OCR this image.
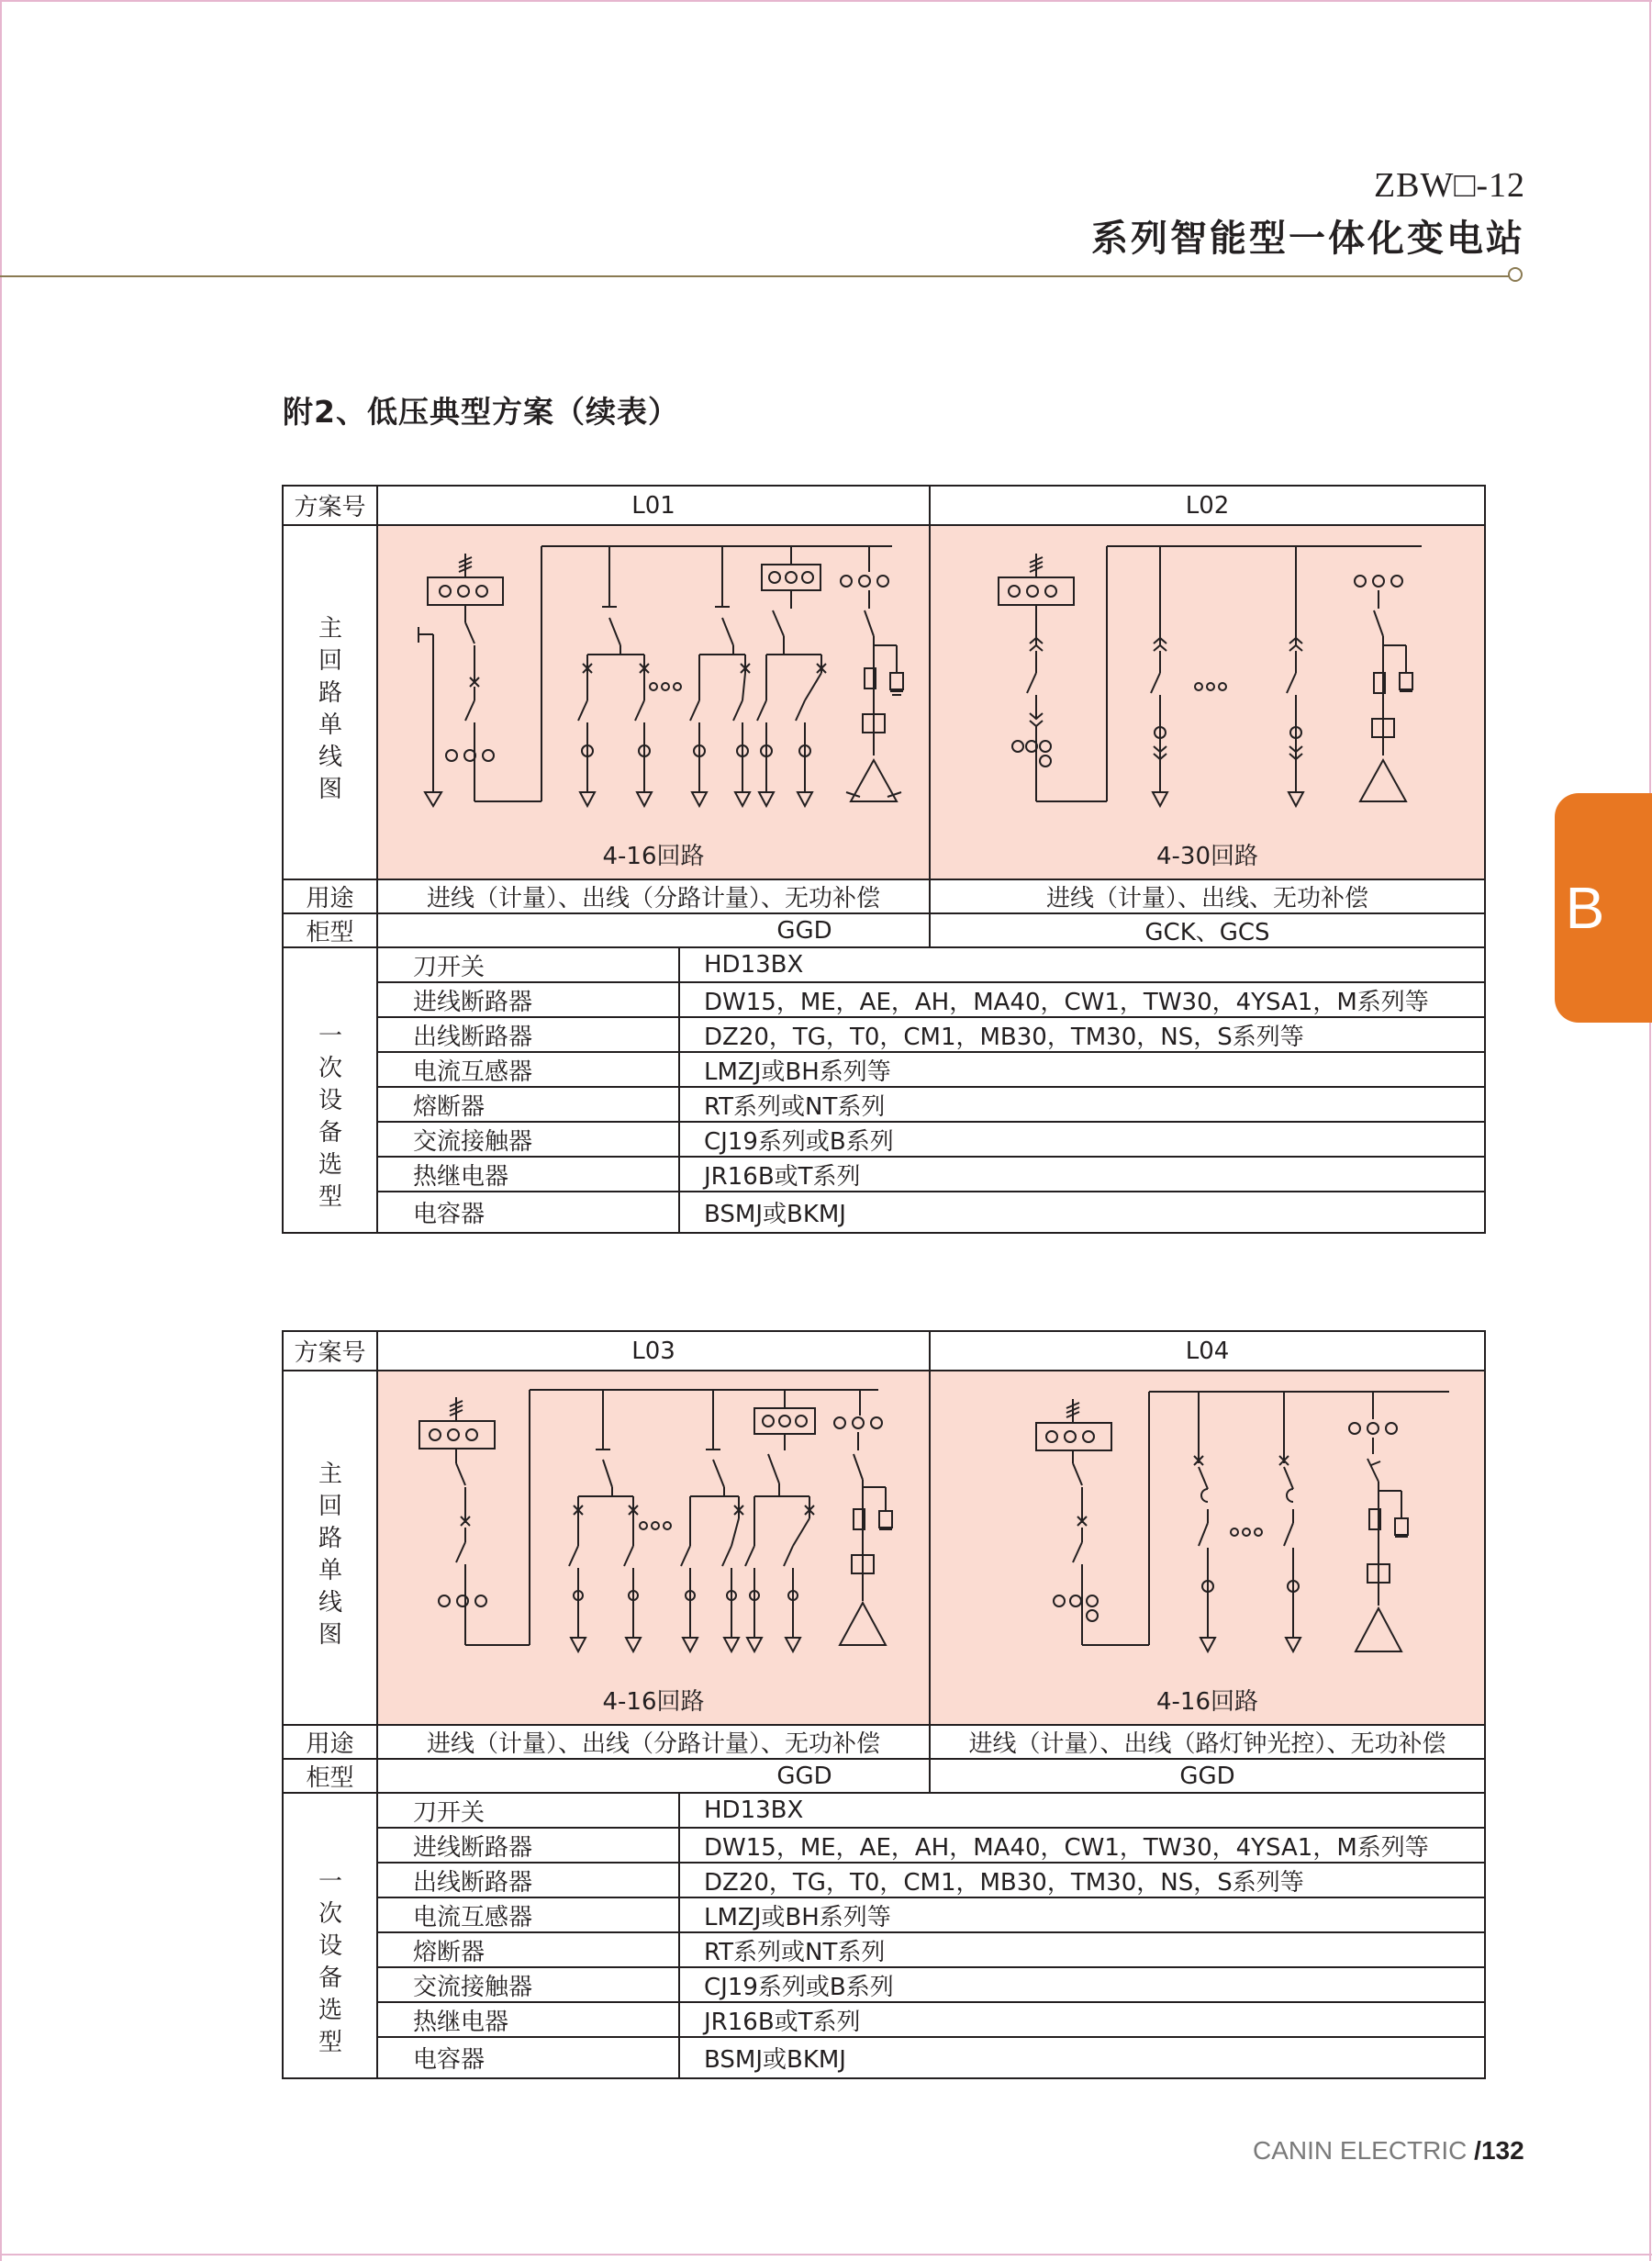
ZBW□-12
系列智能型一体化变电站
B
附2、低压典型方案（续表）
方案号	L01	L02
主
回
路
单
线
图
4-16回路	4-30回路
用途	进线（计量）、出线（分路计量）、无功补偿	进线（计量）、出线、无功补偿
柜型	GGD	GCK、GCS
一
次
设
备
选
型
刀开关	HD13BX
进线断路器	DW15，ME，AE，AH，MA40，CW1，TW30，4YSA1，M系列等
出线断路器	DZ20，TG，T0，CM1，MB30，TM30，NS，S系列等
电流互感器	LMZJ或BH系列等
熔断器	RT系列或NT系列
交流接触器	CJ19系列或B系列
热继电器	JR16B或T系列
电容器	BSMJ或BKMJ
方案号	L03	L04
主
回
路
单
线
图
4-16回路	4-16回路
用途	进线（计量）、出线（分路计量）、无功补偿	进线（计量）、出线（路灯钟光控）、无功补偿
柜型	GGD	GGD
一
次
设
备
选
型
刀开关	HD13BX
进线断路器	DW15，ME，AE，AH，MA40，CW1，TW30，4YSA1，M系列等
出线断路器	DZ20，TG，T0，CM1，MB30，TM30，NS，S系列等
电流互感器	LMZJ或BH系列等
熔断器	RT系列或NT系列
交流接触器	CJ19系列或B系列
热继电器	JR16B或T系列
电容器	BSMJ或BKMJ
CANIN ELECTRIC /132
